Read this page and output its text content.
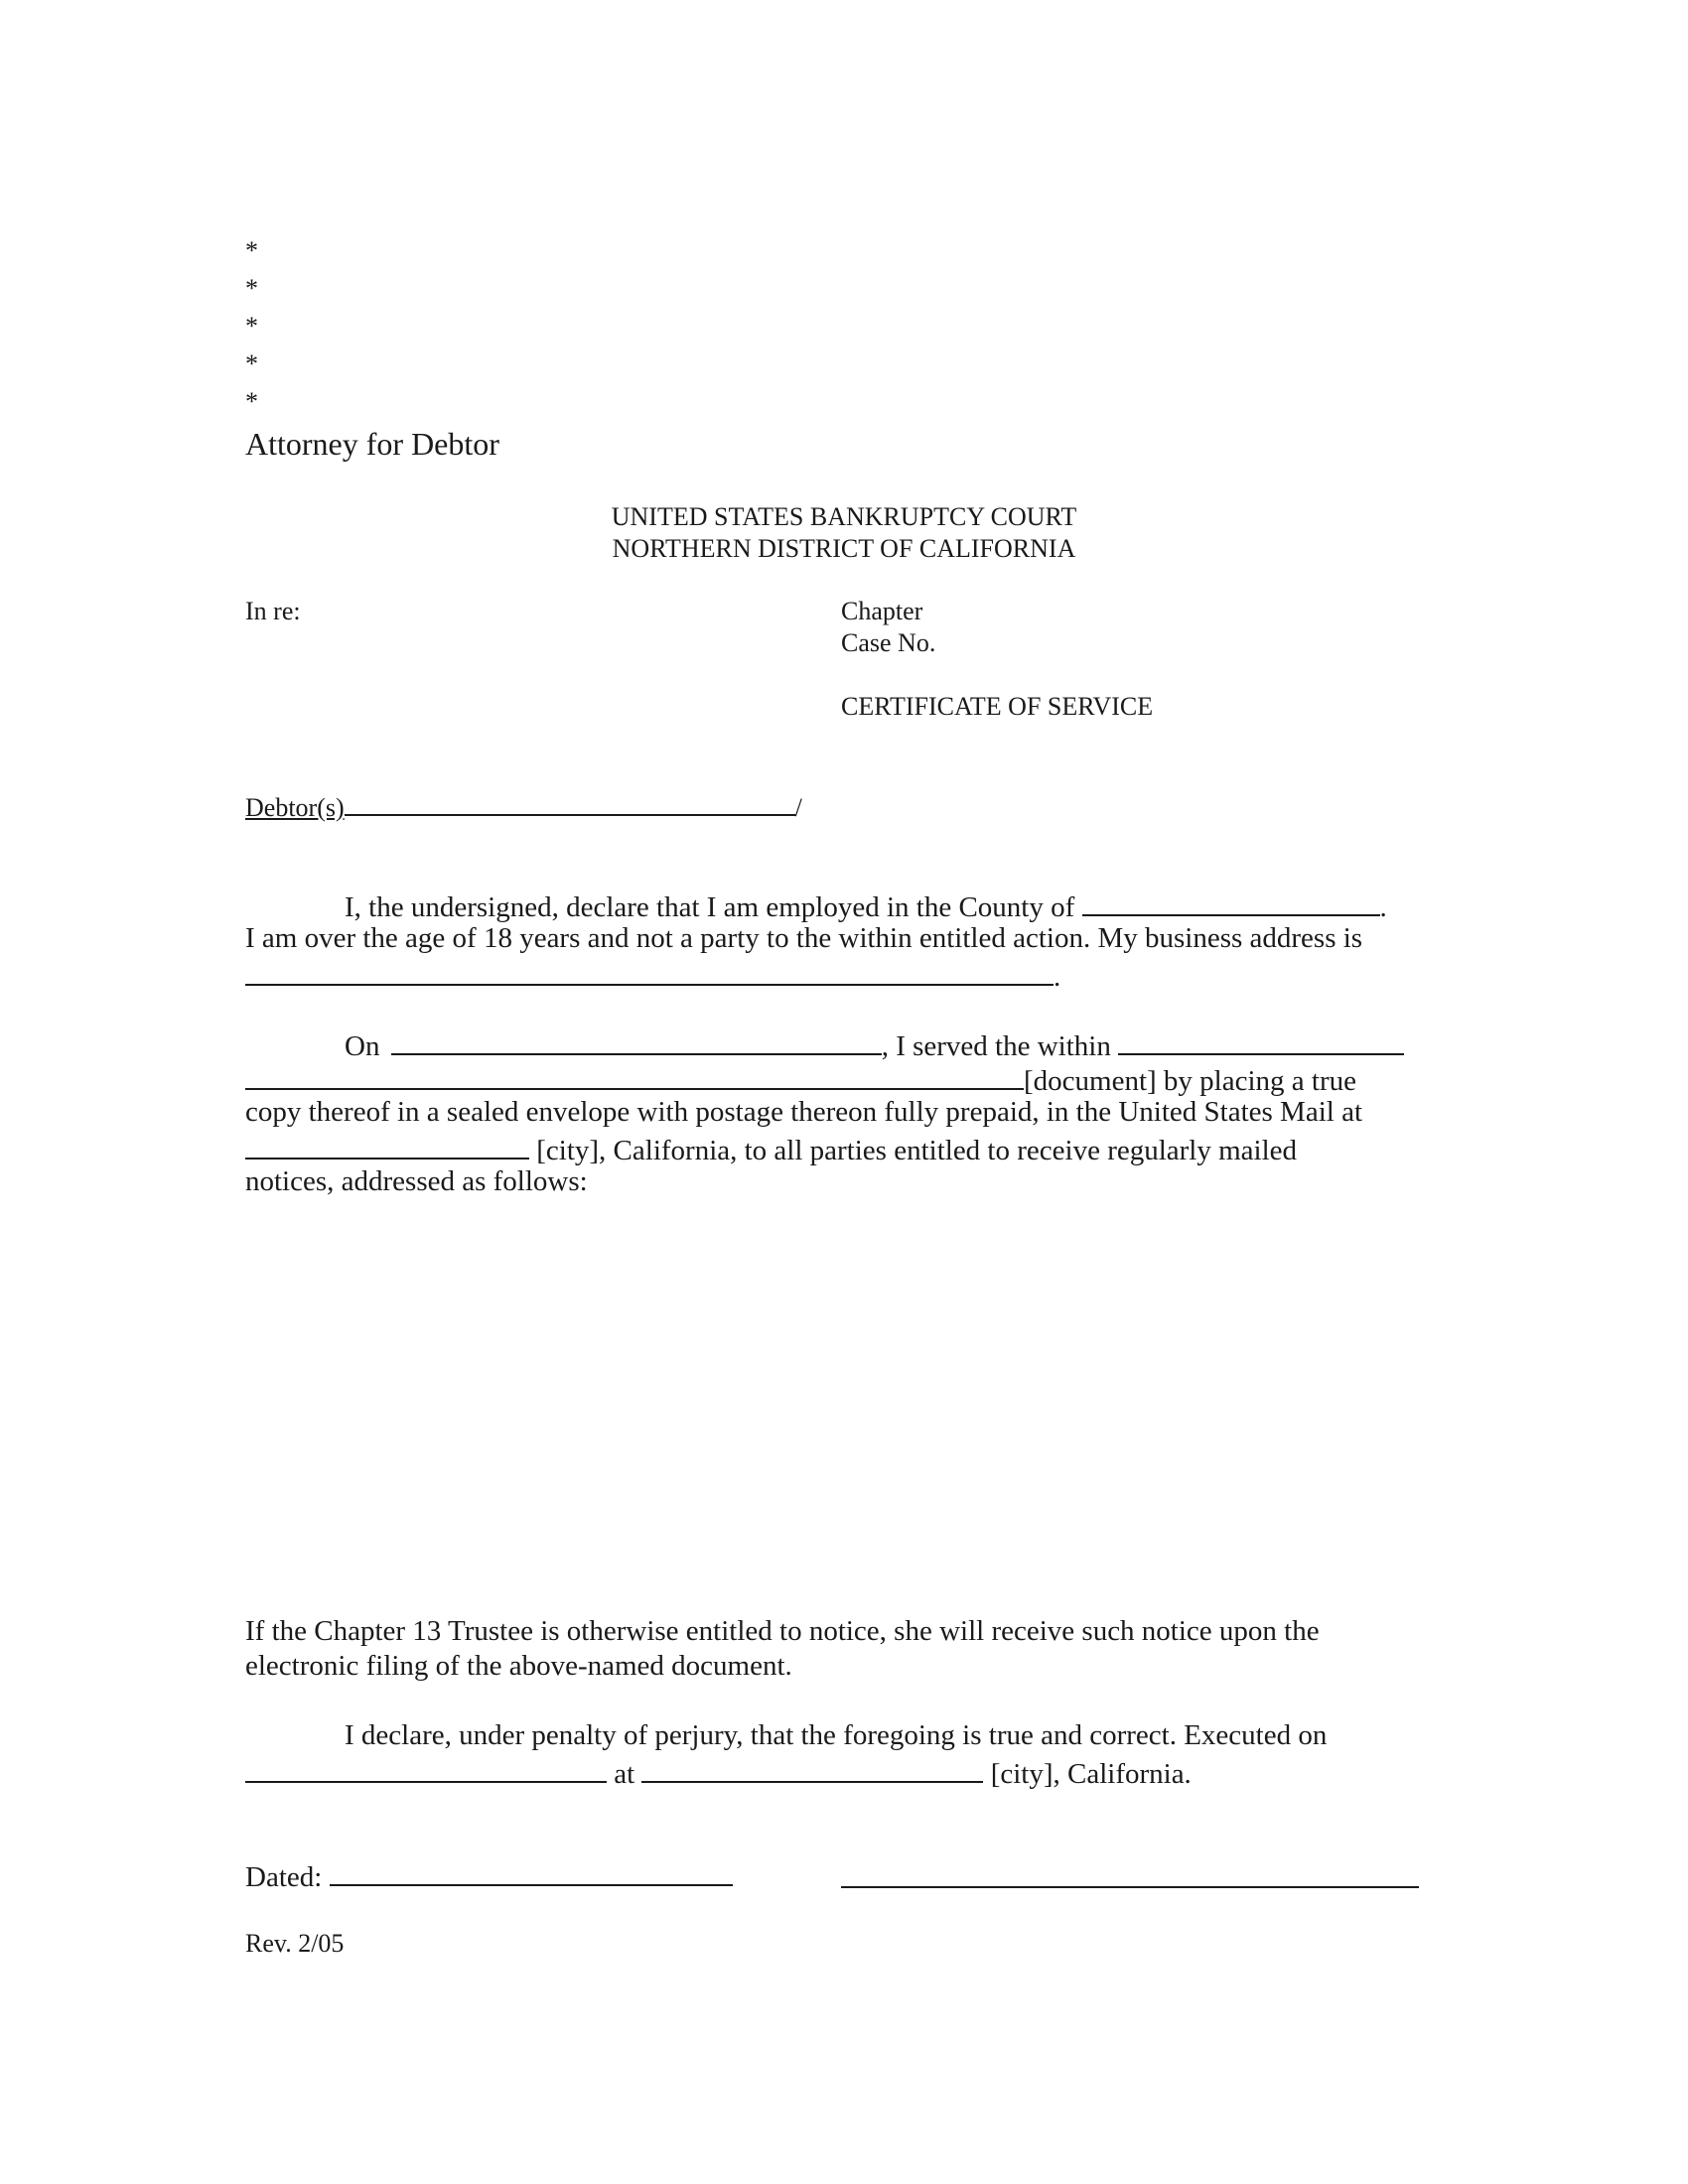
*
*
*
*
*
Attorney for Debtor
UNITED STATES BANKRUPTCY COURT
NORTHERN DISTRICT OF CALIFORNIA
In re:	Chapter
Case No.
CERTIFICATE OF SERVICE
Debtor(s)	/
I, the undersigned, declare that I am employed in the County of	.
I am over the age of 18 years and not a party to the within entitled action. My business address is
.
On	, I served the within
[document] by placing a true
copy thereof in a sealed envelope with postage thereon fully prepaid, in the United States Mail at
[city], California, to all parties entitled to receive regularly mailed
notices, addressed as follows:
If the Chapter 13 Trustee is otherwise entitled to notice, she will receive such notice upon the
electronic filing of the above-named document.
I declare, under penalty of perjury, that the foregoing is true and correct. Executed on
at	[city], California.
Dated:
Rev. 2/05
